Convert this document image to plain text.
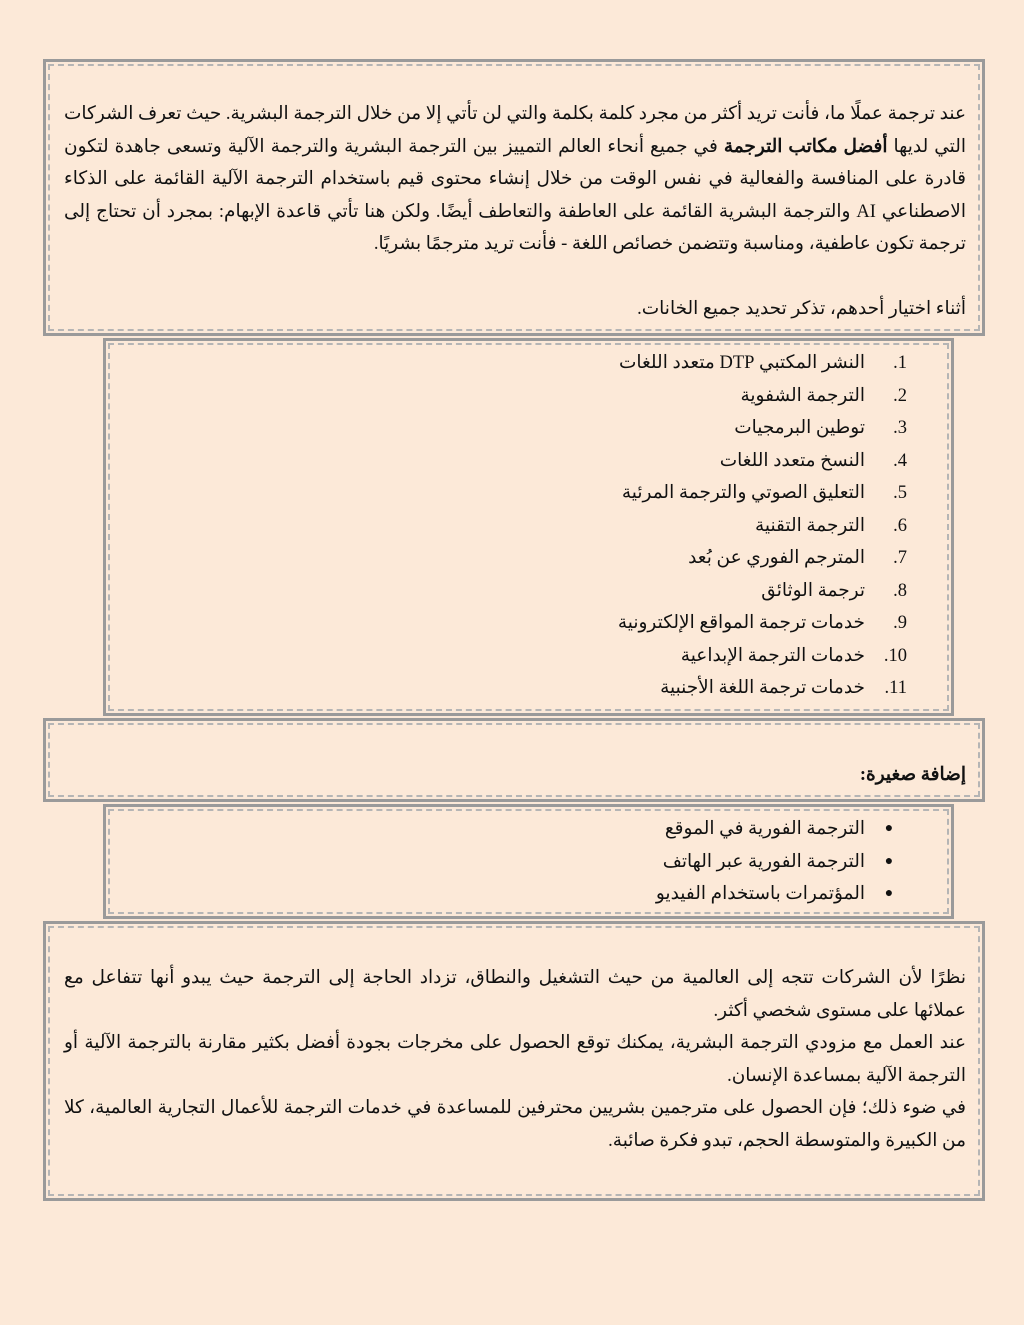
عند ترجمة عملًا ما، فأنت تريد أكثر من مجرد كلمة بكلمة والتي لن تأتي إلا من خلال الترجمة البشرية. حيث تعرف الشركات التي لديها أفضل مكاتب الترجمة في جميع أنحاء العالم التمييز بين الترجمة البشرية والترجمة الآلية وتسعى جاهدة لتكون قادرة على المنافسة والفعالية في نفس الوقت من خلال إنشاء محتوى قيم باستخدام الترجمة الآلية القائمة على الذكاء الاصطناعي AI والترجمة البشرية القائمة على العاطفة والتعاطف أيضًا. ولكن هنا تأتي قاعدة الإبهام: بمجرد أن تحتاج إلى ترجمة تكون عاطفية، ومناسبة وتتضمن خصائص اللغة - فأنت تريد مترجمًا بشريًا.

أثناء اختيار أحدهم، تذكر تحديد جميع الخانات.

1.
النشر المكتبي DTP متعدد اللغات
2.
الترجمة الشفوية
3.
توطين البرمجيات
4.
النسخ متعدد اللغات
5.
التعليق الصوتي والترجمة المرئية
6.
الترجمة التقنية
7.
المترجم الفوري عن بُعد
8.
ترجمة الوثائق
9.
خدمات ترجمة المواقع الإلكترونية
10.
خدمات الترجمة الإبداعية
11.
خدمات ترجمة اللغة الأجنبية

إضافة صغيرة:

●
الترجمة الفورية في الموقع
●
الترجمة الفورية عبر الهاتف
●
المؤتمرات باستخدام الفيديو

نظرًا لأن الشركات تتجه إلى العالمية من حيث التشغيل والنطاق، تزداد الحاجة إلى الترجمة حيث يبدو أنها تتفاعل مع عملائها على مستوى شخصي أكثر.

عند العمل مع مزودي الترجمة البشرية، يمكنك توقع الحصول على مخرجات بجودة أفضل بكثير مقارنة بالترجمة الآلية أو الترجمة الآلية بمساعدة الإنسان.

في ضوء ذلك؛ فإن الحصول على مترجمين بشريين محترفين للمساعدة في خدمات الترجمة للأعمال التجارية العالمية، كلا من الكبيرة والمتوسطة الحجم، تبدو فكرة صائبة.
